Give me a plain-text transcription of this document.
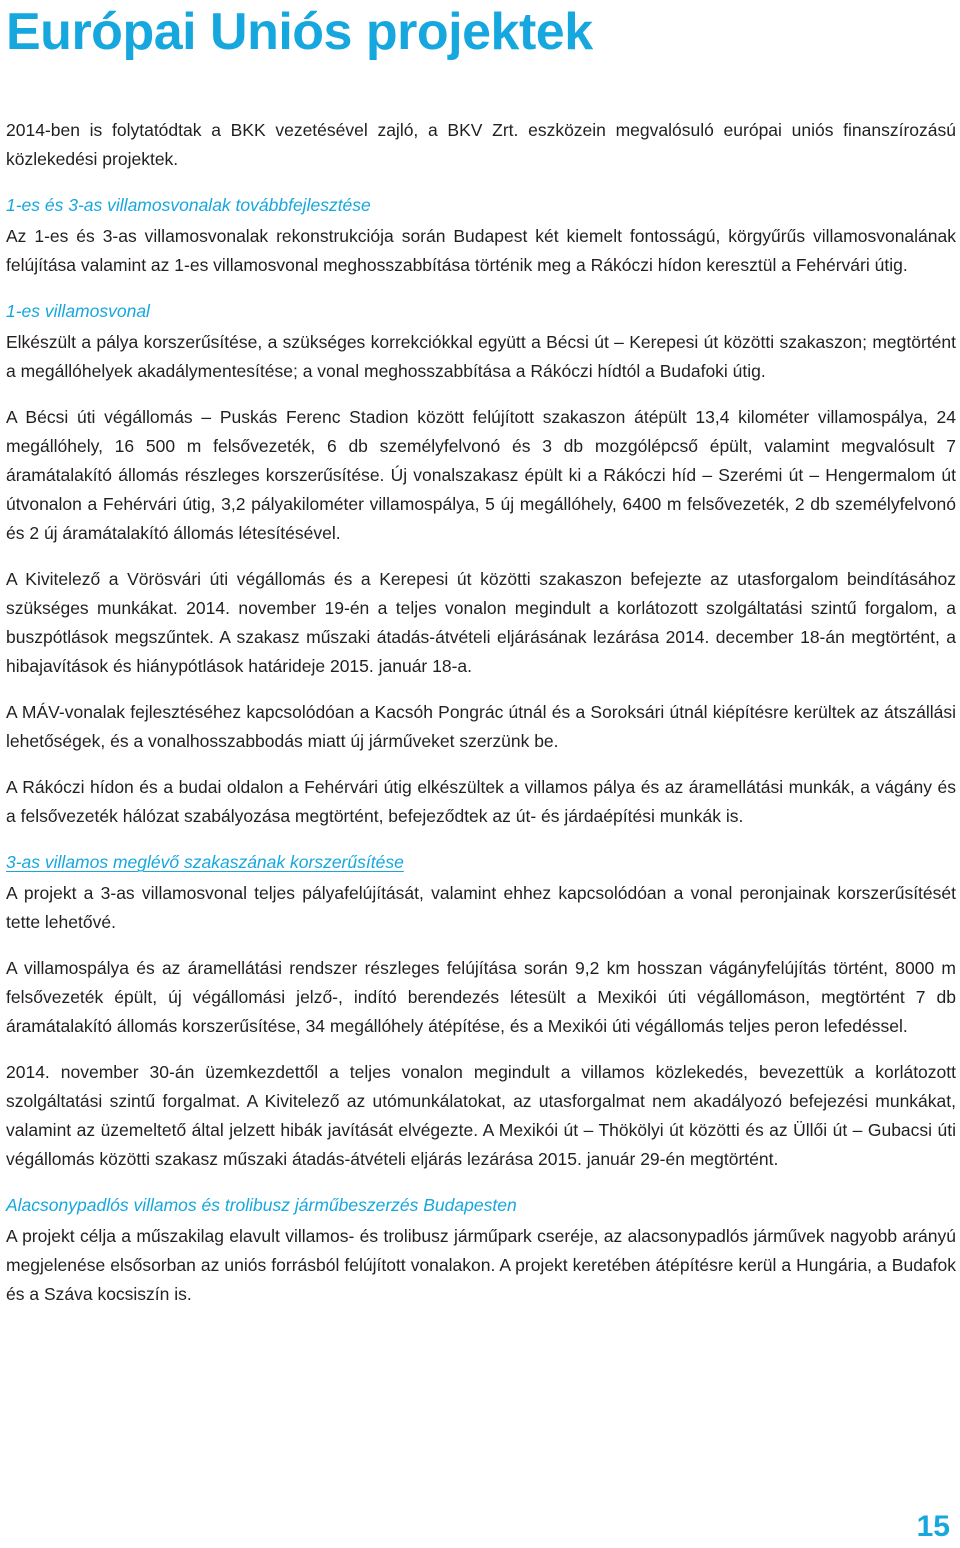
Európai Uniós projektek

2014-ben is folytatódtak a BKK vezetésével zajló, a BKV Zrt. eszközein megvalósuló európai uniós finanszírozású közlekedési projektek.

1-es és 3-as villamosvonalak továbbfejlesztése

Az 1-es és 3-as villamosvonalak rekonstrukciója során Budapest két kiemelt fontosságú, körgyűrűs villamosvonalának felújítása valamint az 1-es villamosvonal meghosszabbítása történik meg a Rákóczi hídon keresztül a Fehérvári útig.

1-es villamosvonal

Elkészült a pálya korszerűsítése, a szükséges korrekciókkal együtt a Bécsi út – Kerepesi út közötti szakaszon; megtörtént a megállóhelyek akadálymentesítése; a vonal meghosszabbítása a Rákóczi hídtól a Budafoki útig.

A Bécsi úti végállomás – Puskás Ferenc Stadion között felújított szakaszon átépült 13,4 kilométer villamospálya, 24 megállóhely, 16 500 m felsővezeték, 6 db személyfelvonó és 3 db mozgólépcső épült, valamint megvalósult 7 áramátalakító állomás részleges korszerűsítése. Új vonalszakasz épült ki a Rákóczi híd – Szerémi út – Hengermalom út útvonalon a Fehérvári útig, 3,2 pályakilométer villamospálya, 5 új megállóhely, 6400 m felsővezeték, 2 db személyfelvonó és 2 új áramátalakító állomás létesítésével.

A Kivitelező a Vörösvári úti végállomás és a Kerepesi út közötti szakaszon befejezte az utasforgalom beindításához szükséges munkákat. 2014. november 19-én a teljes vonalon megindult a korlátozott szolgáltatási szintű forgalom, a buszpótlások megszűntek. A szakasz műszaki átadás-átvételi eljárásának lezárása 2014. december 18-án megtörtént, a hibajavítások és hiánypótlások határideje 2015. január 18-a.

A MÁV-vonalak fejlesztéséhez kapcsolódóan a Kacsóh Pongrác útnál és a Soroksári útnál kiépítésre kerültek az átszállási lehetőségek, és a vonalhosszabbodás miatt új járműveket szerzünk be.

A Rákóczi hídon és a budai oldalon a Fehérvári útig elkészültek a villamos pálya és az áramellátási munkák, a vágány és a felsővezeték hálózat szabályozása megtörtént, befejeződtek az út- és járdaépítési munkák is.

3-as villamos meglévő szakaszának korszerűsítése

A projekt a 3-as villamosvonal teljes pályafelújítását, valamint ehhez kapcsolódóan a vonal peronjainak korszerűsítését tette lehetővé.

A villamospálya és az áramellátási rendszer részleges felújítása során 9,2 km hosszan vágányfelújítás történt, 8000 m felsővezeték épült, új végállomási jelző-, indító berendezés létesült a Mexikói úti végállomáson, megtörtént 7 db áramátalakító állomás korszerűsítése, 34 megállóhely átépítése, és a Mexikói úti végállomás teljes peron lefedéssel.

2014. november 30-án üzemkezdettől a teljes vonalon megindult a villamos közlekedés, bevezettük a korlátozott szolgáltatási szintű forgalmat. A Kivitelező az utómunkálatokat, az utasforgalmat nem akadályozó befejezési munkákat, valamint az üzemeltető által jelzett hibák javítását elvégezte. A Mexikói út – Thökölyi út közötti és az Üllői út – Gubacsi úti végállomás közötti szakasz műszaki átadás-átvételi eljárás lezárása 2015. január 29-én megtörtént.

Alacsonypadlós villamos és trolibusz járműbeszerzés Budapesten

A projekt célja a műszakilag elavult villamos- és trolibusz járműpark cseréje, az alacsonypadlós járművek nagyobb arányú megjelenése elsősorban az uniós forrásból felújított vonalakon. A projekt keretében átépítésre kerül a Hungária, a Budafok és a Száva kocsiszín is.

15
